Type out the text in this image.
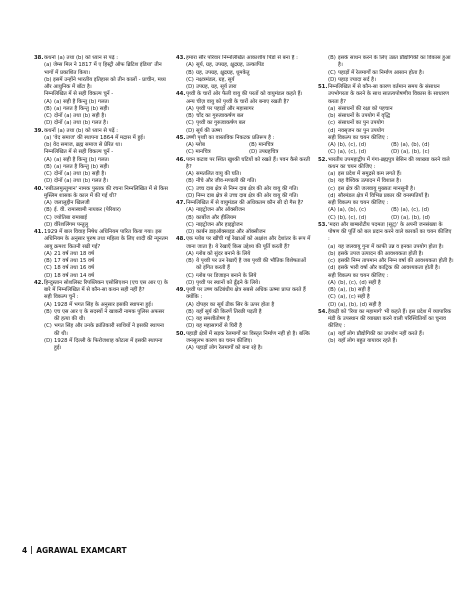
38. कथनों (a) तथा (b) को ध्यान से पढ़ें :
(a) जेम्स मिल ने 1817 में ए हिस्ट्री ऑफ ब्रिटिश इंडिया' तीन भागों में प्रकाशित किया।
(b) इसमें उन्होंने भारतीय इतिहास को तीन कालों - प्राचीन, मध्य और आधुनिक में बाँटा है।
निम्नलिखित में से सही विकल्प चुनें -
(A) (a) सही है किन्तु (b) गलत।
(B) (a) गलत है किन्तु (b) सही।
(C) दोनों (a) तथा (b) सही है।
(D) दोनों (a) तथा (b) गलत है।
39. कथनों (a) तथा (b) को ध्यान से पढ़ें :
(a) 'वेद समाज' की स्थापना 1864 में मद्रास में हुई।
(b) वेद समाज, ब्रह्म समाज से प्रेरित था।
निम्नलिखित में से सही विकल्प चुनें -
(A) (a) सही है किन्तु (b) गलत।
(B) (a) गलत है किन्तु (b) सही।
(C) दोनों (a) तथा (b) सही है।
(D) दोनों (a) तथा (b) गलत है।
40. 'रुबीउलमुल्तुमान' नामक पुस्तक की रचना निम्नलिखित में से किस मुस्लिम शासक के काल में की गई थी?
(A) जलालुद्दीन खिलजी
(B) ई. वी. रामास्वामी नायकर (पेरियार)
(C) ज्योतिबा रामाबाई
(D) वीरेशलिंगम पन्तुलु
41. 1929 में बाल विवाह निषेध अधिनियम पारित किया गया। इस अधिनियम के अनुसार पुरुष तथा महिला के लिए शादी की न्यूनतम आयु क्रमशः कितनी रखी गई?
(A) 21 वर्ष तथा 18 वर्ष
(B) 17 वर्ष तथा 15 वर्ष
(C) 18 वर्ष तथा 16 वर्ष
(D) 18 वर्ष तथा 14 वर्ष
42. हिन्दुस्तान सोशलिस्ट रिपब्लिकन एसोसिएशन (एच एस आर ए) के बारे में निम्नलिखित में से कौन-सा कथन सही नहीं है?
सही विकल्प चुनें :
(A) 1928 में भगत सिंह के अनुसार इसकी स्थापना हुई।
(B) एच एस आर ए के सदस्यों ने खाकरी नामक पुलिस अफसर की हत्या की थी।
(C) भगत सिंह और उनके क्रांतिकारी साथियों ने इसकी स्थापना की थी।
(D) 1928 में दिल्ली के फिरोजशाह कोटला में इसकी स्थापना हुई।
43. हमारा सौर परिवार निम्नलिखित आकाशीय पिंडों से बना है :
(A) सूर्य, ग्रह, उपग्रह, क्षुद्रग्रह, उल्कापिंड
(B) ग्रह, उपग्रह, क्षुद्रग्रह, धूमकेतु
(C) नक्षत्रमंडल, ग्रह, सूर्य
(D) उपग्रह, ग्रह, सूर्य तारा
44. पृथ्वी के चारों ओर फैली वायु की परतों को वायुमंडल कहते हैं। अन्य चीज़ वायु को पृथ्वी के चारों ओर बनाए रखती है?
(A) पृथ्वी पर पहाड़ों और महासागर
(B) चाँद का गुरुत्वाकर्षण बल
(C) पृथ्वी का गुरुत्वाकर्षण बल
(D) सूर्य की ऊष्मा
45. उष्णी पृथ्वी का वास्तविक निकटक प्रतिरूप है :
(A) ग्लोब	(B) मानचित्र
(C) मानचित्र	(D) उपग्रहचित्र
46. पवन कटाव पर स्थित खुश्की घटियों को रखते हैं। पवन कैसे करती है?
(A) समतलित वायु की घति।
(B) नीचे और जीव-मण्डली की गति।
(C) उच्च दाब क्षेत्र से निम्न दाब क्षेत्र की ओर वायु की गति।
(D) निम्न दाब क्षेत्र से उच्च दाब क्षेत्र की ओर वायु की गति।
47. निम्नलिखित में से वायुमंडल की अधिकतम कौन सी दो गैस है?
(A) नाइट्रोजन और ऑक्सीजन
(B) कार्बोज और हीलियम
(C) नाइट्रोजन और हाइड्रोजन
(D) कार्बन डाइऑक्साइड और ऑक्सीजन
48. एक ग्लोब पर खींची गई रेखाओं को अक्षांश और देशांतर के रूप में जाना जाता है। ये रेखाएँ किस उद्देश्य की पूर्ति करती हैं?
(A) ग्लोब को सुंदर बनाने के लिये
(B) ये पृथ्वी पर उन रेखाएँ है जब पृथ्वी की भौतिक विशेषताओं को इंगित करती हैं
(C) ग्लोब पर डिजाइन बनाने के लिये
(D) पृथ्वी पर स्थानों को ढूँढ़ने के लिये।
49. पृथ्वी पर उष्ण कटिबंधीय क्षेत्र सबसे अधिक ऊष्मा प्राप्त करते हैं क्योंकि :
(A) दोपहर का सूर्य ठीक सिर के ऊपर होता है
(B) यहाँ सूर्य की किरणें तिरछी पड़ती है
(C) यह समशीतोष्ण है
(D) यह महासागरों से घिरी है
50. पहाड़ी क्षेत्रों में सड़क रेलमार्गों का विस्तृत निर्माण नहीं हो है। बल्कि जनसुलभ कारण का चयन कीजिए।
(A) पहाड़ों लोग रेलमार्गों को बना रहे है।
(B) इसके साधन करने के लिए उन्नत प्रौद्योगिकी का विकास हुआ है।
(C) पहाड़ों में रेलमार्गों का निर्माण आसान होता है।
(D) पहाड़ ज्यादा सर्द है।
51. निम्नलिखित में से कौन-सा कारण वर्तमान समय के संसाधन उपभोगरता के करने के साथ सातत्यपोषणीय विकास के साधारण करता है?
(a) संसाधनों की रक्षा को पहचान
(b) संसाधनों के उपयोग में वृद्धि
(c) संसाधनों का पुन उपयोग
(d) नवसृजन का पुन उपयोग
सही विकल्प का चयन कीजिए :
(A) (b), (c), (d)	(B) (a), (b), (d)
(C) (a), (c), (d)	(D) (a), (b), (c)
52. भारतीय उपमहाद्वीप में गंगा-ब्रह्मपुत्र बेसिन की व्याख्या करने वाले कथन का चयन कीजिए :
(a) इस प्रदेश में समुद्रसे कम लगते हैं।
(b) यह वैश्विक उत्पादन में विशाल है।
(c) इस क्षेत्र की जलवायु मुख्यतः मानसूनी है।
(d) सौरमंडल क्षेत्र में विभिन्न प्रकार की वनस्पतियाँ है।
सही विकल्प का चयन कीजिए :
(A) (a), (b), (c)	(B) (a), (c), (d)
(C) (b), (c), (d)	(D) (a), (b), (d)
53. 'मदरा और बाम्बरोटीय पदमता (सूट्)' के अपनी जनसंख्या के पोषण की पूर्ति को बल प्रदान करने वाले कारकों का चयन कीजिए :
(a) यह जलवायु गुना में काफी उन्न व इनका उपयोग होता है।
(b) इसके उपज उत्पादन की आवश्यकता होती है।
(c) इसकी निम्न तापमान और निम्न वर्षा की आवश्यकता होती है।
(d) इसके भारी वर्षा और काट्रिक की आवश्यकता होती है।
सही विकल्प का चयन कीजिए :
(A) (b), (c), (d) सही है
(B) (a), (b) सही है
(C) (a), (c) सही है
(D) (a), (b), (d) सही है
54. हैकड़ी को 'रिया का महामार्ग' भी कहते हैं। इस प्रदेश में व्यापारिक मंडी के उपस्थान की व्याख्या करने वाली परिस्थितियों का चुनाव कीजिए :
(a) यहाँ लोग प्रौद्योगिकी का उपयोग नहीं करते हैं।
(b) यहाँ लोग बहुत यायावर रहते हैं।
4 AGRAWAL EXAMCART
